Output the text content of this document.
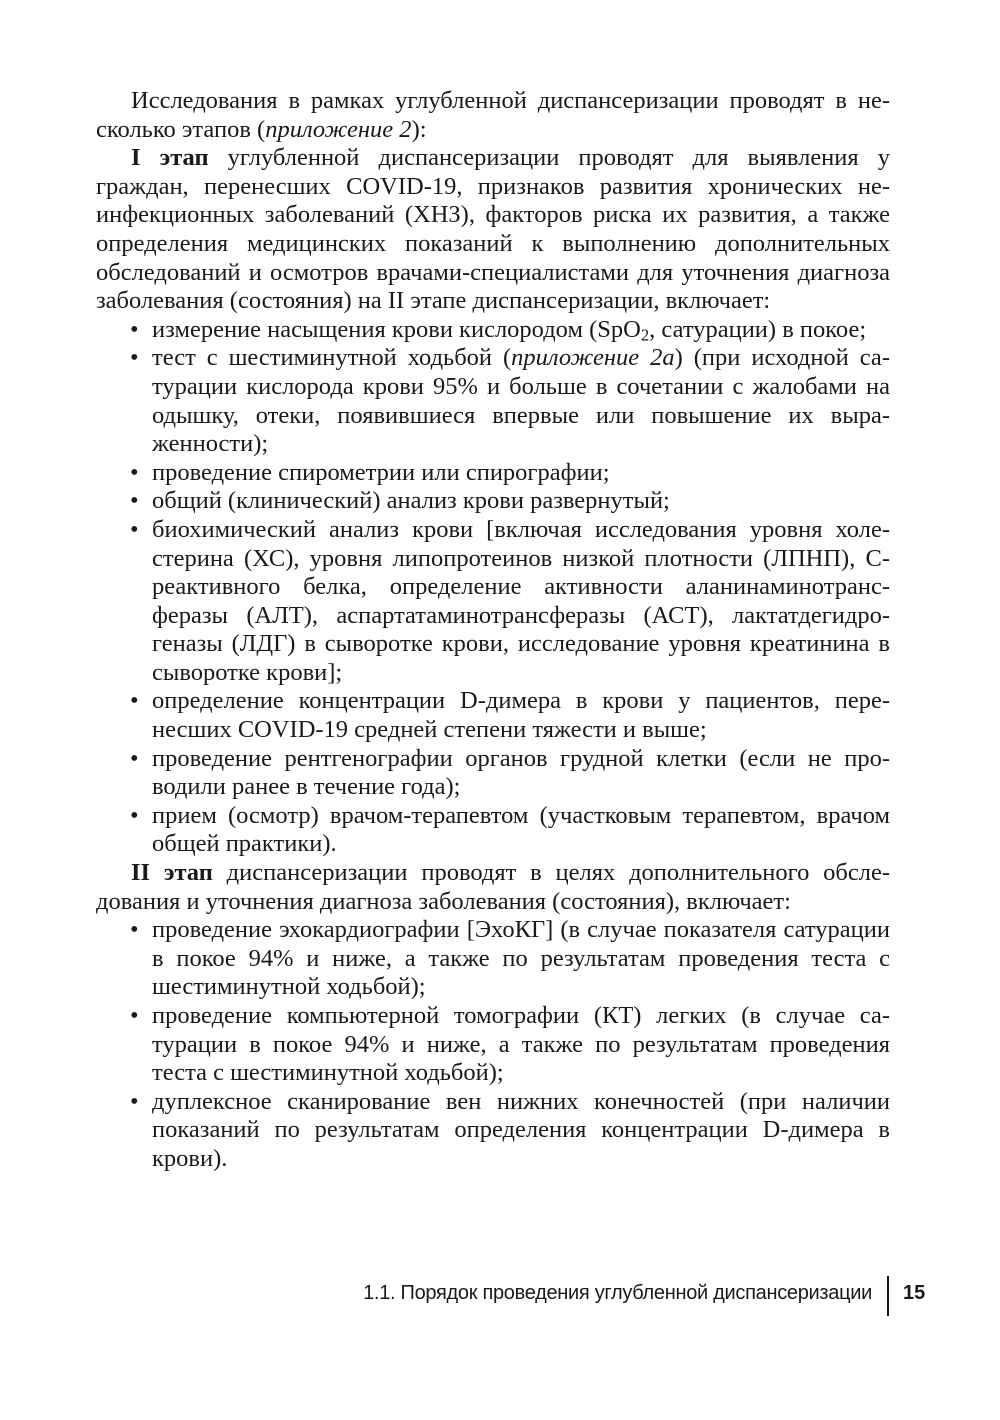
Исследования в рамках углубленной диспансеризации проводят в несколько этапов (приложение 2):

I этап углубленной диспансеризации проводят для выявления у граждан, перенесших COVID-19, признаков развития хронических неинфекционных заболеваний (ХНЗ), факторов риска их развития, а также определения медицинских показаний к выполнению дополнительных обследований и осмотров врачами-специалистами для уточнения диагноза заболевания (состояния) на II этапе диспансеризации, включает:

• измерение насыщения крови кислородом (SpO$_2$, сатурации) в покое;
• тест с шестиминутной ходьбой (приложение 2а) (при исходной сатурации кислорода крови 95% и больше в сочетании с жалобами на одышку, отеки, появившиеся впервые или повышение их выраженности);
• проведение спирометрии или спирографии;
• общий (клинический) анализ крови развернутый;
• биохимический анализ крови [включая исследования уровня холестерина (ХС), уровня липопротеинов низкой плотности (ЛПНП), С-реактивного белка, определение активности аланинаминотрансферазы (АЛТ), аспартатаминотрансферазы (АСТ), лактатдегидрогеназы (ЛДГ) в сыворотке крови, исследование уровня креатинина в сыворотке крови];
• определение концентрации D-димера в крови у пациентов, перенесших COVID-19 средней степени тяжести и выше;
• проведение рентгенографии органов грудной клетки (если не проводили ранее в течение года);
• прием (осмотр) врачом-терапевтом (участковым терапевтом, врачом общей практики).

II этап диспансеризации проводят в целях дополнительного обследования и уточнения диагноза заболевания (состояния), включает:

• проведение эхокардиографии [ЭхоКГ] (в случае показателя сатурации в покое 94% и ниже, а также по результатам проведения теста с шестиминутной ходьбой);
• проведение компьютерной томографии (КТ) легких (в случае сатурации в покое 94% и ниже, а также по результатам проведения теста с шестиминутной ходьбой);
• дуплексное сканирование вен нижних конечностей (при наличии показаний по результатам определения концентрации D-димера в крови).
1.1. Порядок проведения углубленной диспансеризации 15
